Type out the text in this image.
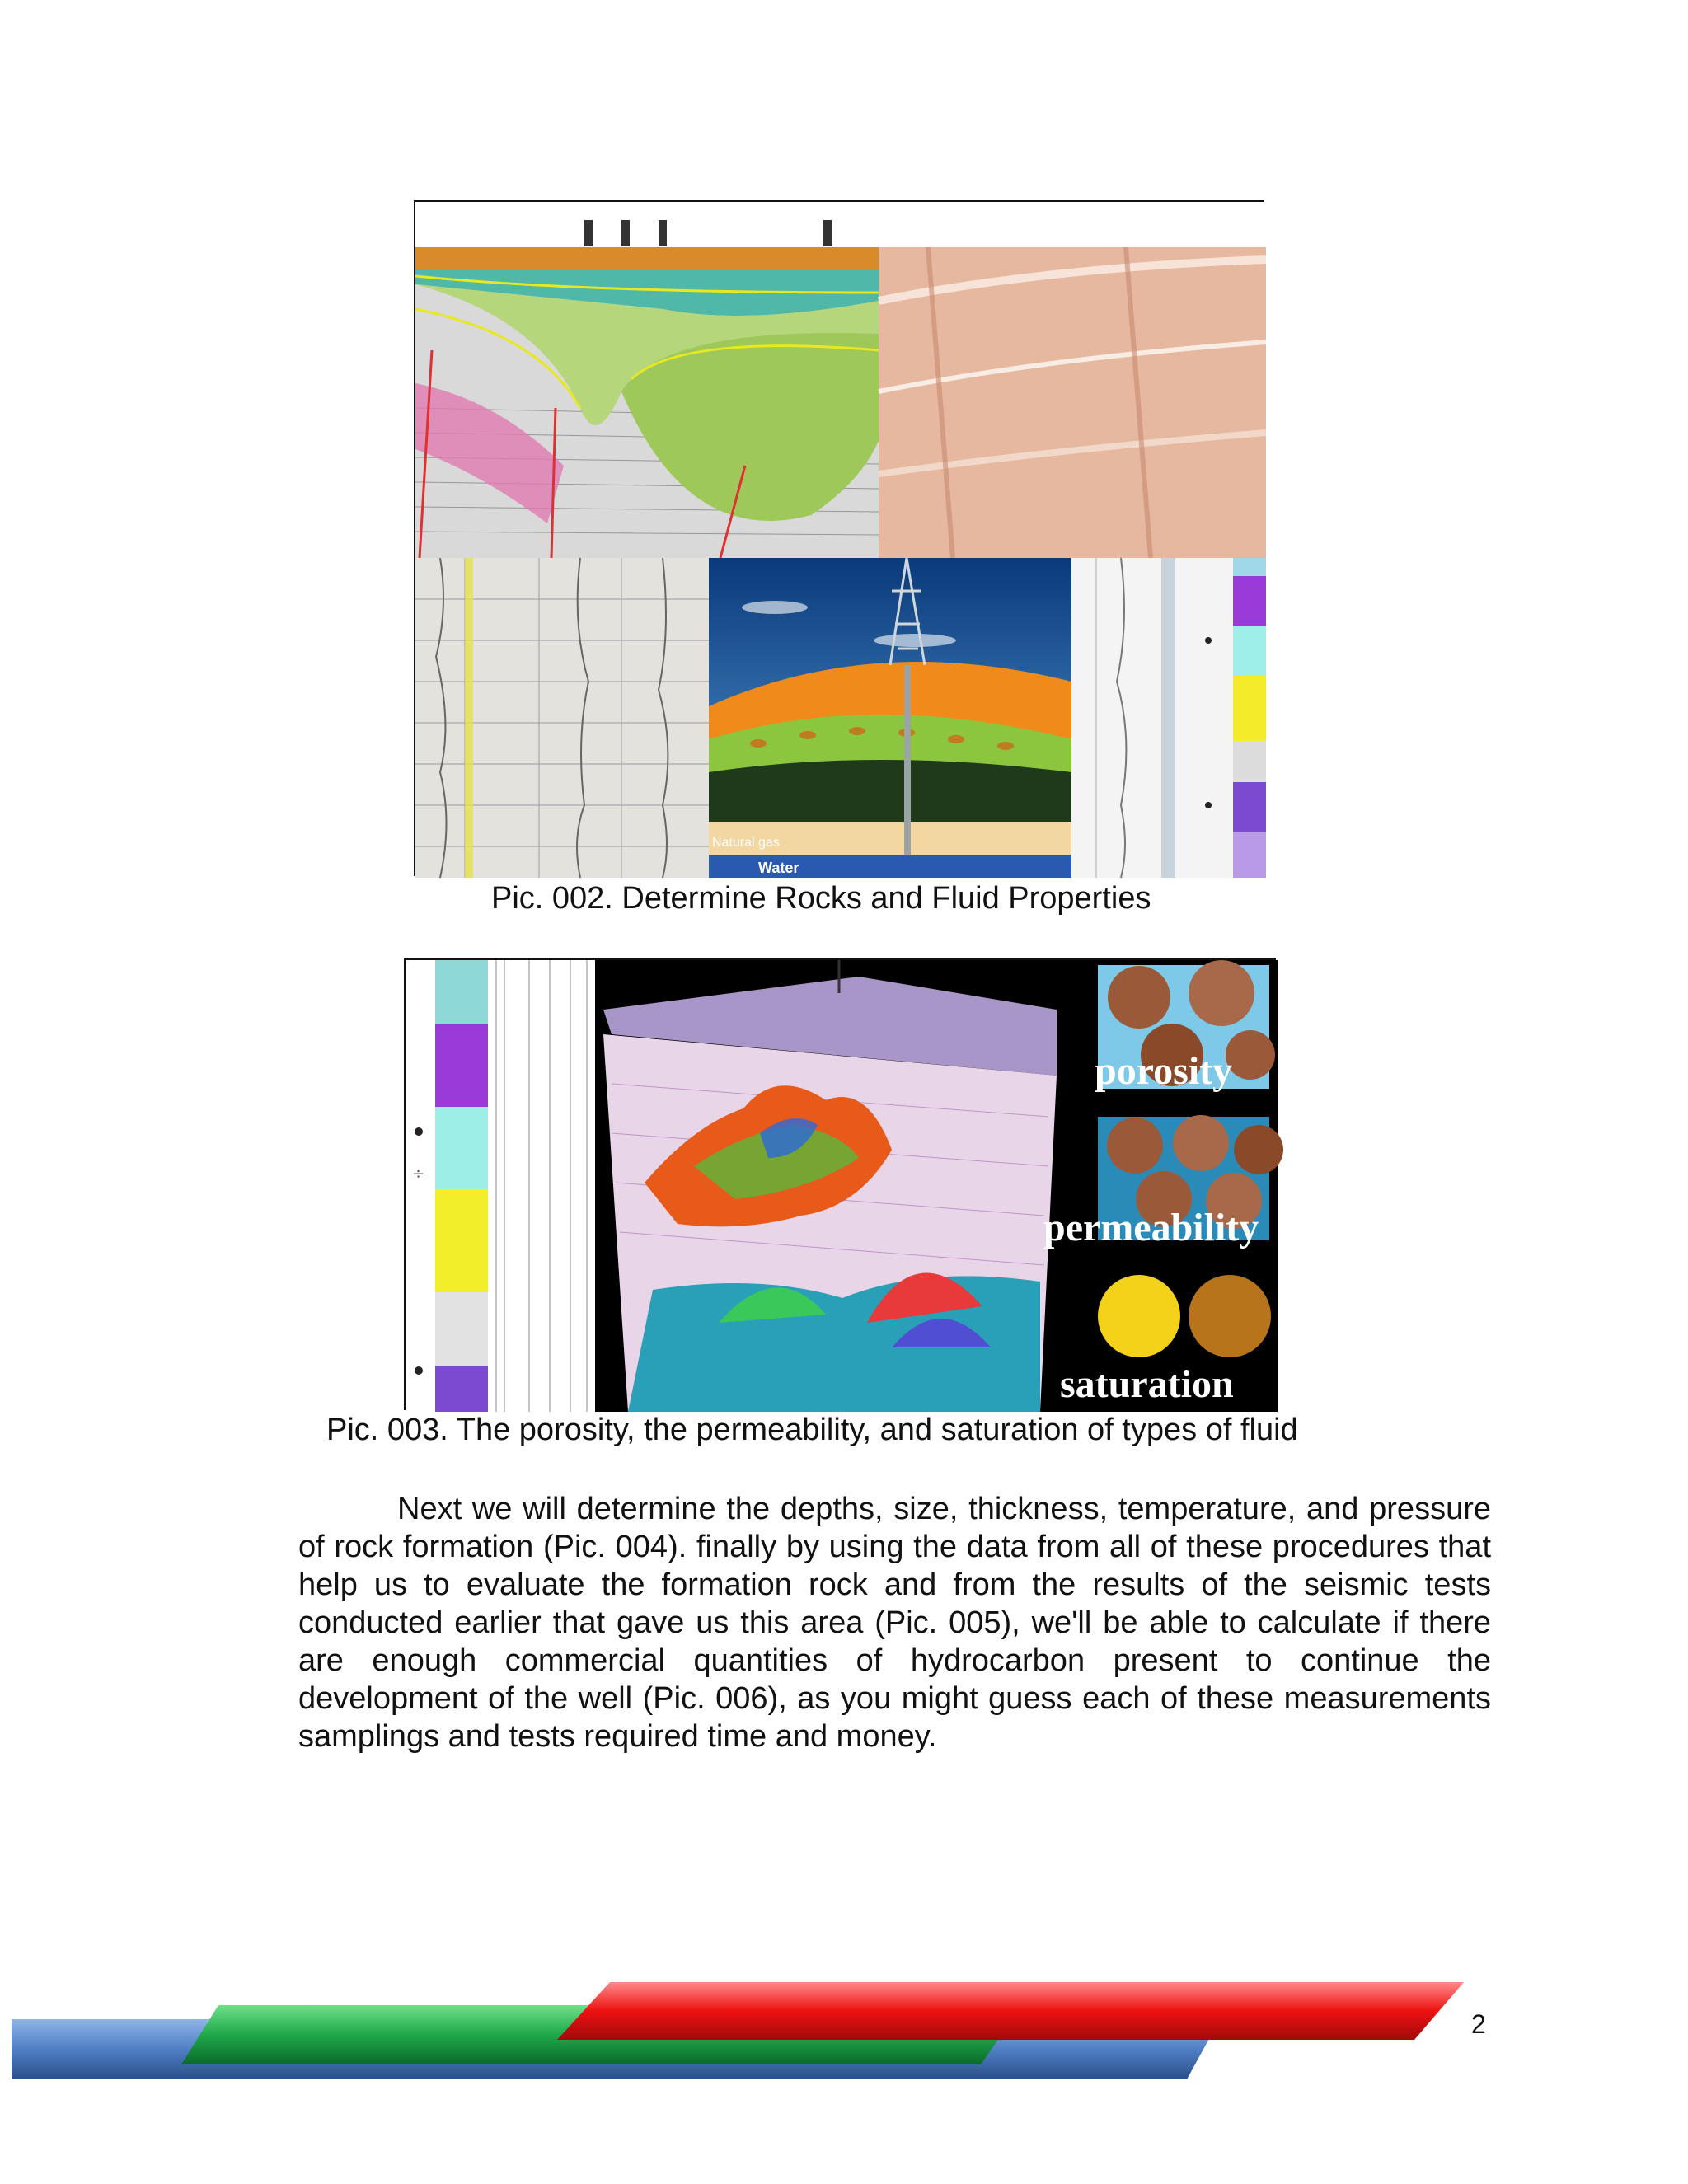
Natural gas
Water
Pic. 002. Determine Rocks and Fluid Properties
÷
porosity
permeability
saturation
Pic. 003. The porosity, the permeability, and saturation of types of fluid

Next we will determine the depths, size, thickness, temperature, and pressure of rock formation (Pic. 004). finally by using the data from all of these procedures that help us to evaluate the formation rock and from the results of the seismic tests conducted earlier that gave us this area (Pic. 005), we'll be able to calculate if there are enough commercial quantities of hydrocarbon present to continue the development of the well (Pic. 006), as you might guess each of these measurements samplings and tests required time and money.

2
